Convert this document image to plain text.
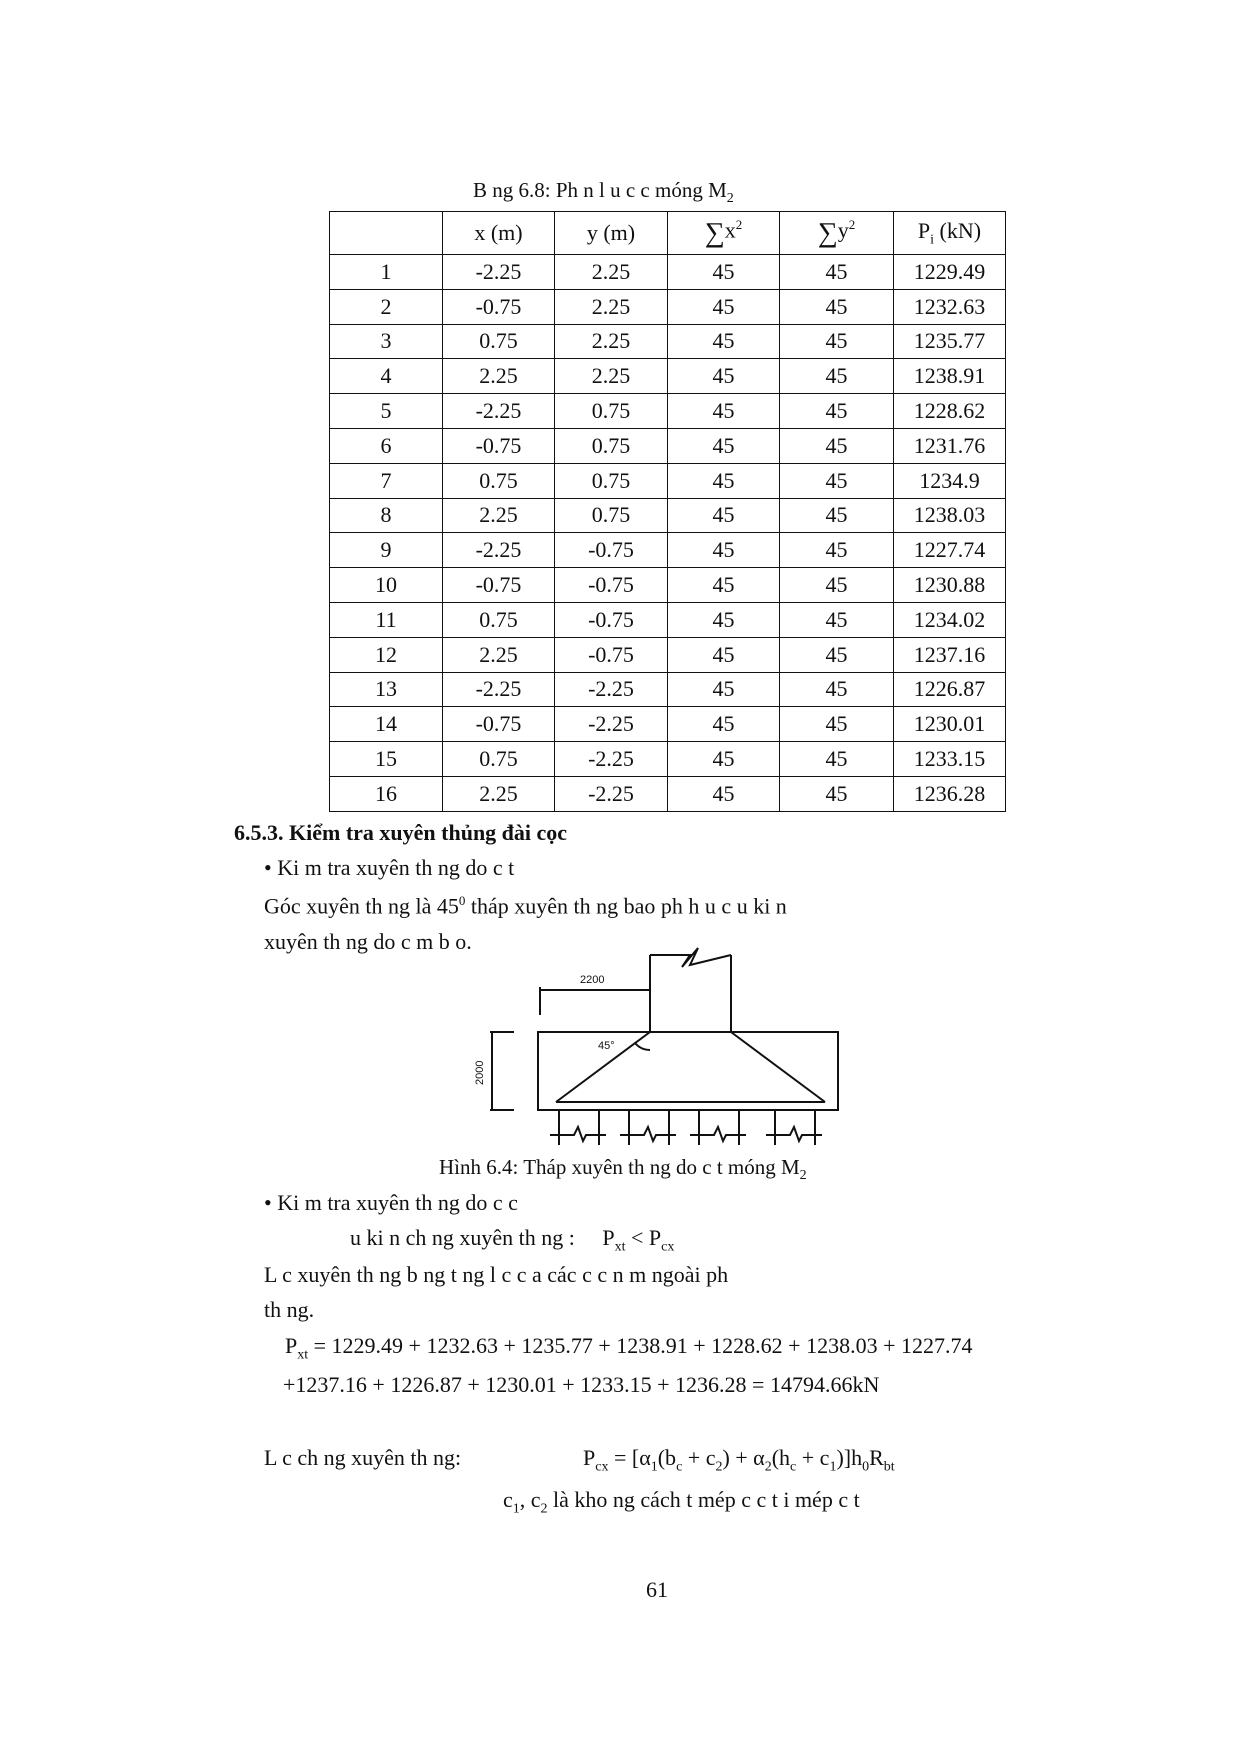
B ng 6.8: Ph n l u c c móng $M_2$
	x (m)	y (m)	$\sum x^2$	$\sum y^2$	$P_i$ (kN)
1	-2.25	2.25	45	45	1229.49
2	-0.75	2.25	45	45	1232.63
3	0.75	2.25	45	45	1235.77
4	2.25	2.25	45	45	1238.91
5	-2.25	0.75	45	45	1228.62
6	-0.75	0.75	45	45	1231.76
7	0.75	0.75	45	45	1234.9
8	2.25	0.75	45	45	1238.03
9	-2.25	-0.75	45	45	1227.74
10	-0.75	-0.75	45	45	1230.88
11	0.75	-0.75	45	45	1234.02
12	2.25	-0.75	45	45	1237.16
13	-2.25	-2.25	45	45	1226.87
14	-0.75	-2.25	45	45	1230.01
15	0.75	-2.25	45	45	1233.15
16	2.25	-2.25	45	45	1236.28
6.5.3. Kiểm tra xuyên thủng đài cọc
• Ki m tra xuyên th ng do c t
Góc xuyên th ng là $45^0$ tháp xuyên th ng bao ph h u c u ki n
xuyên th ng do c m b o.
2200
45°
2000
Hình 6.4: Tháp xuyên th ng do c t móng $M_2$
• Ki m tra xuyên th ng do c c
u ki n ch ng xuyên th ng : $P_{xt} < P_{cx}$
L c xuyên th ng b ng t ng l c c a các c c n m ngoài ph
th ng.
$P_{xt} = 1229.49 + 1232.63 + 1235.77 + 1238.91 + 1228.62 + 1238.03 + 1227.74$
+1237.16 + 1226.87 + 1230.01 + 1233.15 + 1236.28 = 14794.66kN
L c ch ng xuyên th ng:	$P_{cx} = [\alpha_1(b_c + c_2) + \alpha_2(h_c + c_1)]h_0R_{bt}$
$c_1$, $c_2$ là kho ng cách t mép c c t i mép c t
61
